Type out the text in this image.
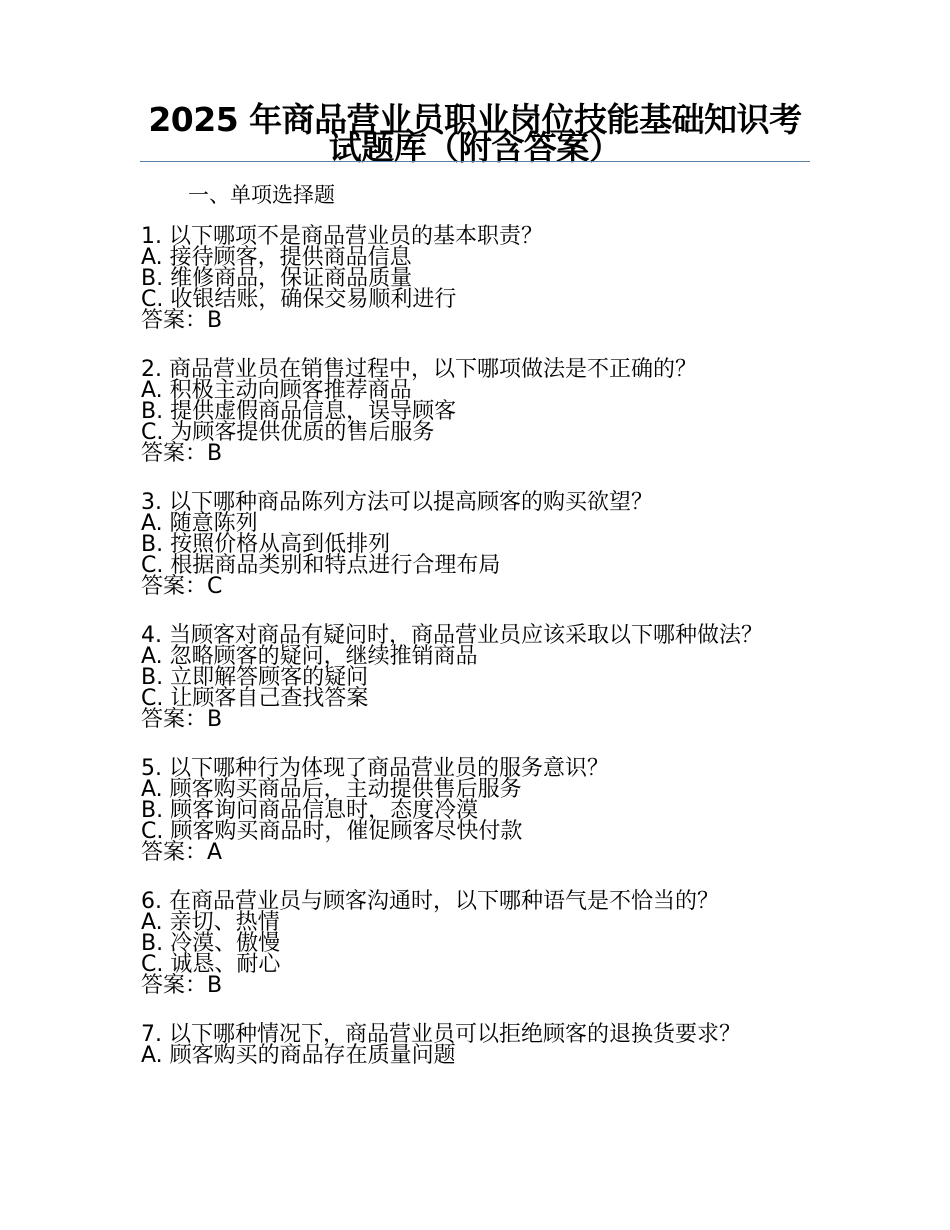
2025 年商品营业员职业岗位技能基础知识考试题库（附含答案）
一、单项选择题
1. 以下哪项不是商品营业员的基本职责？
A. 接待顾客，提供商品信息
B. 维修商品，保证商品质量
C. 收银结账，确保交易顺利进行
答案：B
2. 商品营业员在销售过程中，以下哪项做法是不正确的？
A. 积极主动向顾客推荐商品
B. 提供虚假商品信息，误导顾客
C. 为顾客提供优质的售后服务
答案：B
3. 以下哪种商品陈列方法可以提高顾客的购买欲望？
A. 随意陈列
B. 按照价格从高到低排列
C. 根据商品类别和特点进行合理布局
答案：C
4. 当顾客对商品有疑问时，商品营业员应该采取以下哪种做法？
A. 忽略顾客的疑问，继续推销商品
B. 立即解答顾客的疑问
C. 让顾客自己查找答案
答案：B
5. 以下哪种行为体现了商品营业员的服务意识？
A. 顾客购买商品后，主动提供售后服务
B. 顾客询问商品信息时，态度冷漠
C. 顾客购买商品时，催促顾客尽快付款
答案：A
6. 在商品营业员与顾客沟通时，以下哪种语气是不恰当的？
A. 亲切、热情
B. 冷漠、傲慢
C. 诚恳、耐心
答案：B
7. 以下哪种情况下，商品营业员可以拒绝顾客的退换货要求？
A. 顾客购买的商品存在质量问题
